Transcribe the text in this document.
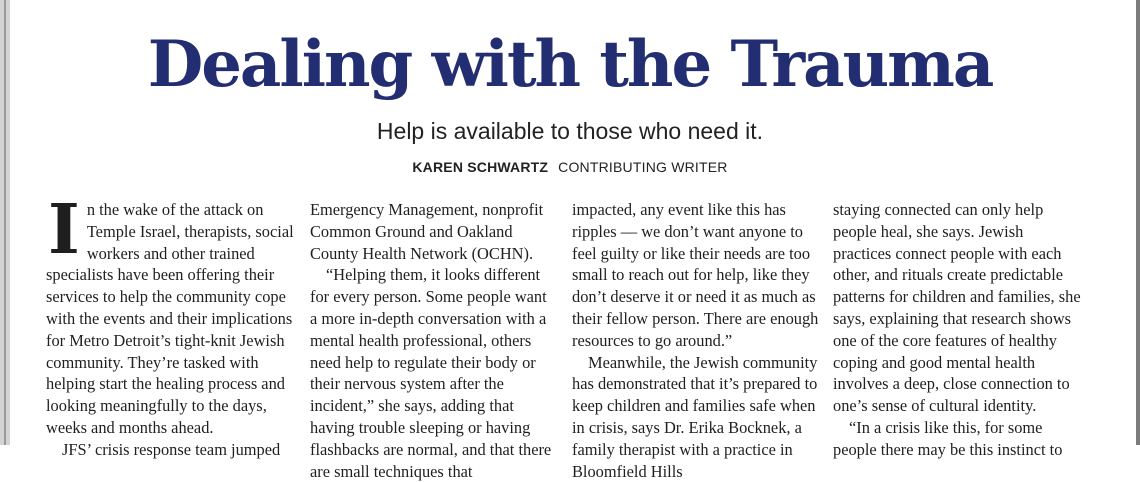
Dealing with the Trauma

Help is available to those who need it.

KAREN SCHWARTZ CONTRIBUTING WRITER
I n the wake of the attack on Temple Israel, therapists, social workers and other trained specialists have been offering their services to help the community cope with the events and their implications for Metro Detroit’s tight-knit Jewish community. They’re tasked with helping start the healing process and looking meaningfully to the days, weeks and months ahead.

JFS’ crisis response team jumped

Emergency Management, nonprofit Common Ground and Oakland County Health Network (OCHN).

“Helping them, it looks different for every person. Some people want a more in-depth conversation with a mental health professional, others need help to regulate their body or their nervous system after the incident,” she says, adding that having trouble sleeping or having flashbacks are normal, and that there are small techniques that

impacted, any event like this has ripples — we don’t want anyone to feel guilty or like their needs are too small to reach out for help, like they don’t deserve it or need it as much as their fellow person. There are enough resources to go around.”

Meanwhile, the Jewish community has demonstrated that it’s prepared to keep children and families safe when in crisis, says Dr. Erika Bocknek, a family therapist with a practice in Bloomfield Hills

staying connected can only help people heal, she says. Jewish practices connect people with each other, and rituals create predictable patterns for children and families, she says, explaining that research shows one of the core features of healthy coping and good mental health involves a deep, close connection to one’s sense of cultural identity.

“In a crisis like this, for some people there may be this instinct to
